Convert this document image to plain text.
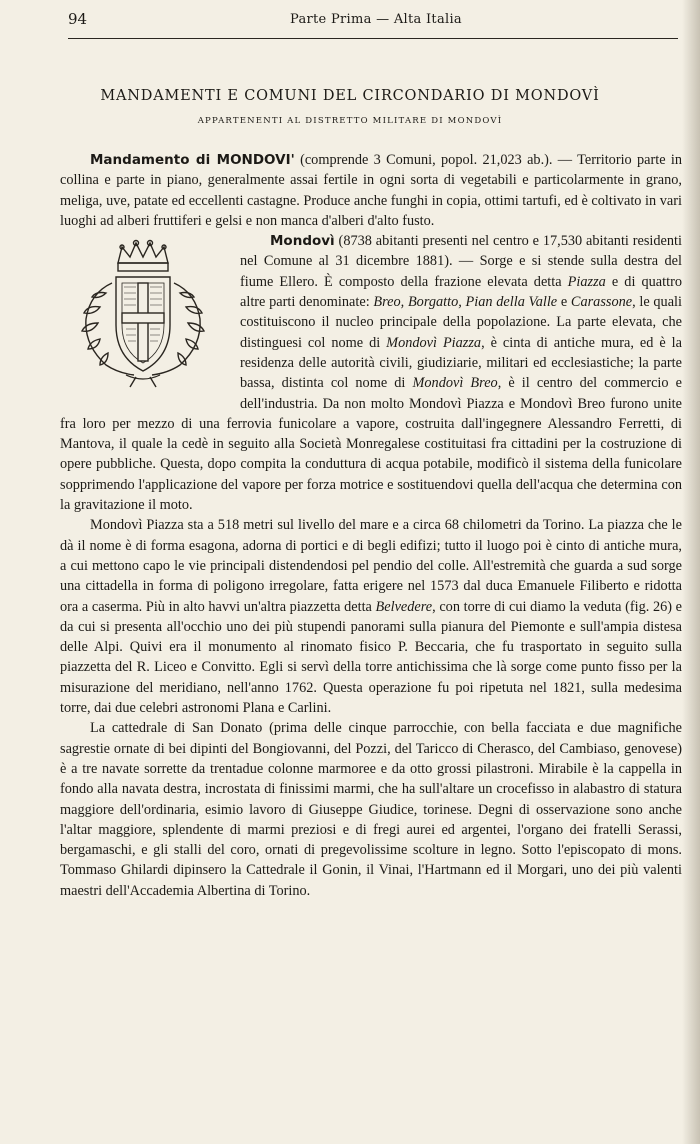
94	Parte Prima — Alta Italia
MANDAMENTI E COMUNI DEL CIRCONDARIO DI MONDOVÌ
APPARTENENTI AL DISTRETTO MILITARE DI MONDOVÌ

Mandamento di MONDOVI' (comprende 3 Comuni, popol. 21,023 ab.). — Territorio parte in collina e parte in piano, generalmente assai fertile in ogni sorta di vegetabili e particolarmente in grano, meliga, uve, patate ed eccellenti castagne. Produce anche funghi in copia, ottimi tartufi, ed è coltivato in vari luoghi ad alberi fruttiferi e gelsi e non manca d'alberi d'alto fusto.

Mondovì (8738 abitanti presenti nel centro e 17,530 abitanti residenti nel Comune al 31 dicembre 1881). — Sorge e si stende sulla destra del fiume Ellero. È composto della frazione elevata detta Piazza e di quattro altre parti denominate: Breo, Borgatto, Pian della Valle e Carassone, le quali costituiscono il nucleo principale della popolazione. La parte elevata, che distinguesi col nome di Mondovì Piazza, è cinta di antiche mura, ed è la residenza delle autorità civili, giudiziarie, militari ed ecclesiastiche; la parte bassa, distinta col nome di Mondovì Breo, è il centro del commercio e dell'industria. Da non molto Mondovì Piazza e Mondovì Breo furono unite fra loro per mezzo di una ferrovia funicolare a vapore, costruita dall'ingegnere Alessandro Ferretti, di Mantova, il quale la cedè in seguito alla Società Monregalese costituitasi fra cittadini per la costruzione di opere pubbliche. Questa, dopo compita la conduttura di acqua potabile, modificò il sistema della funicolare sopprimendo l'applicazione del vapore per forza motrice e sostituendovi quella dell'acqua che determina con la gravitazione il moto.

Mondovì Piazza sta a 518 metri sul livello del mare e a circa 68 chilometri da Torino. La piazza che le dà il nome è di forma esagona, adorna di portici e di begli edifizi; tutto il luogo poi è cinto di antiche mura, a cui mettono capo le vie principali distendendosi pel pendio del colle. All'estremità che guarda a sud sorge una cittadella in forma di poligono irregolare, fatta erigere nel 1573 dal duca Emanuele Filiberto e ridotta ora a caserma. Più in alto havvi un'altra piazzetta detta Belvedere, con torre di cui diamo la veduta (fig. 26) e da cui si presenta all'occhio uno dei più stupendi panorami sulla pianura del Piemonte e sull'ampia distesa delle Alpi. Quivi era il monumento al rinomato fisico P. Beccaria, che fu trasportato in seguito sulla piazzetta del R. Liceo e Convitto. Egli si servì della torre antichissima che là sorge come punto fisso per la misurazione del meridiano, nell'anno 1762. Questa operazione fu poi ripetuta nel 1821, sulla medesima torre, dai due celebri astronomi Plana e Carlini.

La cattedrale di San Donato (prima delle cinque parrocchie, con bella facciata e due magnifiche sagrestie ornate di bei dipinti del Bongiovanni, del Pozzi, del Taricco di Cherasco, del Cambiaso, genovese) è a tre navate sorrette da trentadue colonne marmoree e da otto grossi pilastroni. Mirabile è la cappella in fondo alla navata destra, incrostata di finissimi marmi, che ha sull'altare un crocefisso in alabastro di statura maggiore dell'ordinaria, esimio lavoro di Giuseppe Giudice, torinese. Degni di osservazione sono anche l'altar maggiore, splendente di marmi preziosi e di fregi aurei ed argentei, l'organo dei fratelli Serassi, bergamaschi, e gli stalli del coro, ornati di pregevolissime scolture in legno. Sotto l'episcopato di mons. Tommaso Ghilardi dipinsero la Cattedrale il Gonin, il Vinai, l'Hartmann ed il Morgari, uno dei più valenti maestri dell'Accademia Albertina di Torino.
